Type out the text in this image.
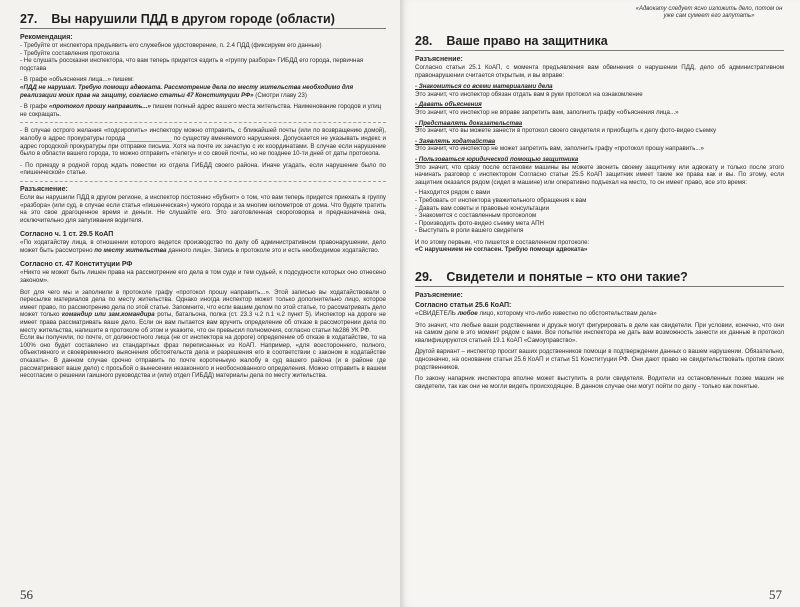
27. Вы нарушили ПДД в другом городе (области)
Рекомендация:
- Требуйте от инспектора предъявить его служебное удостоверение, п. 2.4 ПДД (фиксируем его данные)
- Требуйте составления протокола
- Не слушать россказни инспектора, что вам теперь придется ездить в «группу разбора» ГИБДД его города, первичная подстава
- В графе «объяснения лица...» пишем:
«ПДД не нарушал. Требую помощи адвоката. Рассмотрение дела по месту жительства необходимо для реализации моих прав на защиту, согласно статьи 47 Конституции РФ» (Смотри главу 23)
- В графе «протокол прошу направить...» пишем полный адрес вашего места жительства. Наименование городов и улиц не сокращать.
- В случае острого желания «подсиропить» инспектору можно отправить, с ближайшей почты (или по возвращению домой), жалобу в адрес прокуратуры города _____________ по существу вменяемого нарушения. Допускается не указывать индекс и адрес городской прокуратуры при отправке письма. Хотя на почте их зачастую с их координатами. В случае если нарушение было в области вашего города, то можно отправить «телегу» и со своей почты, но не позднее 10-ти дней от даты протокола.
- По приезду в родной город ждать повестки из отдела ГИБДД своего района. Иначе угадать, если нарушение было по «пишенческой» статье.
Разъяснение:
Если вы нарушили ПДД в другом регионе, а инспектор постоянно «бубнит» о том, что вам теперь придется приехать в группу «разбора» (или суд, в случае если статья «пишенческая») чужого города и за многим километров от дома. Что будете тратить на это свое драгоценное время и деньги. Не слушайте его. Это заготовленная скороговорка и предназначена она, исключительно для запугивания водителя.
Согласно ч. 1 ст. 29.5 КоАП
«По ходатайству лица, в отношении которого ведется производство по делу об административном правонарушении, дело может быть рассмотрено по месту жительства данного лица». Запись в протоколе это и есть необходимое ходатайство.
Согласно ст. 47 Конституции РФ
«Никто не может быть лишен права на рассмотрение его дела в том суде и тем судьей, к подсудности которых оно отнесено законом».
Вот для чего мы и заполнили в протоколе графу «протокол прошу направить...». Этой записью вы ходатайствовали о пересылке материалов дела по месту жительства. Однако иногда инспектор может только дополнительно лицо, которое имеет право, по рассмотрению дела по этой статье. Запомните, что если вашим делом по этой статье, то рассматривать дело может только командир или зам.командира роты, батальона, полка (ст. 23.3 ч.2 п.1 ч.2 пункт 5). Инспектор на дороге не имеет права рассматривать ваше дело. Если он вам пытается вам вручить определение об отказе в рассмотрении дела по месту жительства, напишите в протоколе об этом и укажите, что он превысил полномочия, согласно статьи №286 УК РФ.
Если вы получили, по почте, от должностного лица (не от инспектора на дороге) определение об отказе в ходатайстве, то на 100% оно будет составлено из стандартных фраз переписанных из КоАП. Например, «для всестороннего, полного, объективного и своевременного выяснения обстоятельств дела и разрешения его в соответствии с законом в ходатайстве отказать». В данном случае срочно отправить по почте коротенькую жалобу в суд вашего района (и в районе где рассматривают ваше дело) с просьбой о вынесении незаконного и необоснованного определения. Можно отправить в вашем несогласии о решении гаишного руководства и (или) отдел ГИБДД) материалы дела по месту жительства.
56
«Адвокату следует ясно изложить дело, потом он уже сам сумеет его запутать»
28. Ваше право на защитника
Разъяснение:
Согласно статьи 25.1 КоАП, с момента предъявления вам обвинения о нарушении ПДД, дело об административном правонарушении считается открытым, и вы вправе:
- Знакомиться со всеми материалами дела
Это значит, что инспектор обязан отдать вам в руки протокол на ознакомление
- Давать объяснения
Это значит, что инспектор не вправе запретить вам, заполнить графу «объяснения лица...»
- Представлять доказательства
Это значит, что вы можете занести в протокол своего свидетеля и приобщить к делу фото-видео съемку
- Заявлять ходатайства
Это значит, что инспектор не может запретить вам, заполнить графу «протокол прошу направить...»
- Пользоваться юридической помощью защитника
Это значит, что сразу после остановки машины вы можете звонить своему защитнику или адвокату и только после этого начинать разговор с инспектором Согласно статьи 25.5 КоАП защитник имеет такие же права как и вы. По этому, если защитник оказался рядом (сидел в машине) или оперативно подъехал на место, то он имеет право, все это время:
- Находится рядом с вами
- Требовать от инспектора уважительного обращения к вам
- Давать вам советы и правовые консультации
- Знакомится с составленным протоколом
- Производить фото-видео съемку мета АПН
- Выступать в роли вашего свидетеля
И по этому первым, что пишется в составленном протоколе:
«С нарушением не согласен. Требую помощи адвоката»
29. Свидетели и понятые – кто они такие?
Разъяснение:
Согласно статьи 25.6 КоАП:
«СВИДЕТЕЛЬ любое лицо, которому что-либо известно по обстоятельствам дела»
Это значит, что любые ваши родственники и друзья могут фигурировать в деле как свидетели. При условии, конечно, что они на самом деле в это момент рядом с вами. Все попытки инспектора не дать вам возможность занести их данные в протокол квалифицируются статьей 19.1 КоАП «Самоуправство».
Другой вариант – инспектор просит ваших родственников помощи в подтверждении данных о вашем нарушении. Обязательно, однозначно, на основании статьи 25.6 КоАП и статьи 51 Конституции РФ. Они дают право не свидетельствовать против своих родственников.
По закону напарник инспектора вполне может выступить в роли свидетеля. Водители из остановленных позже машин не свидетели, так как они не могли видеть происходящее. В данном случае они могут пойти по делу - только как понятые.
57
